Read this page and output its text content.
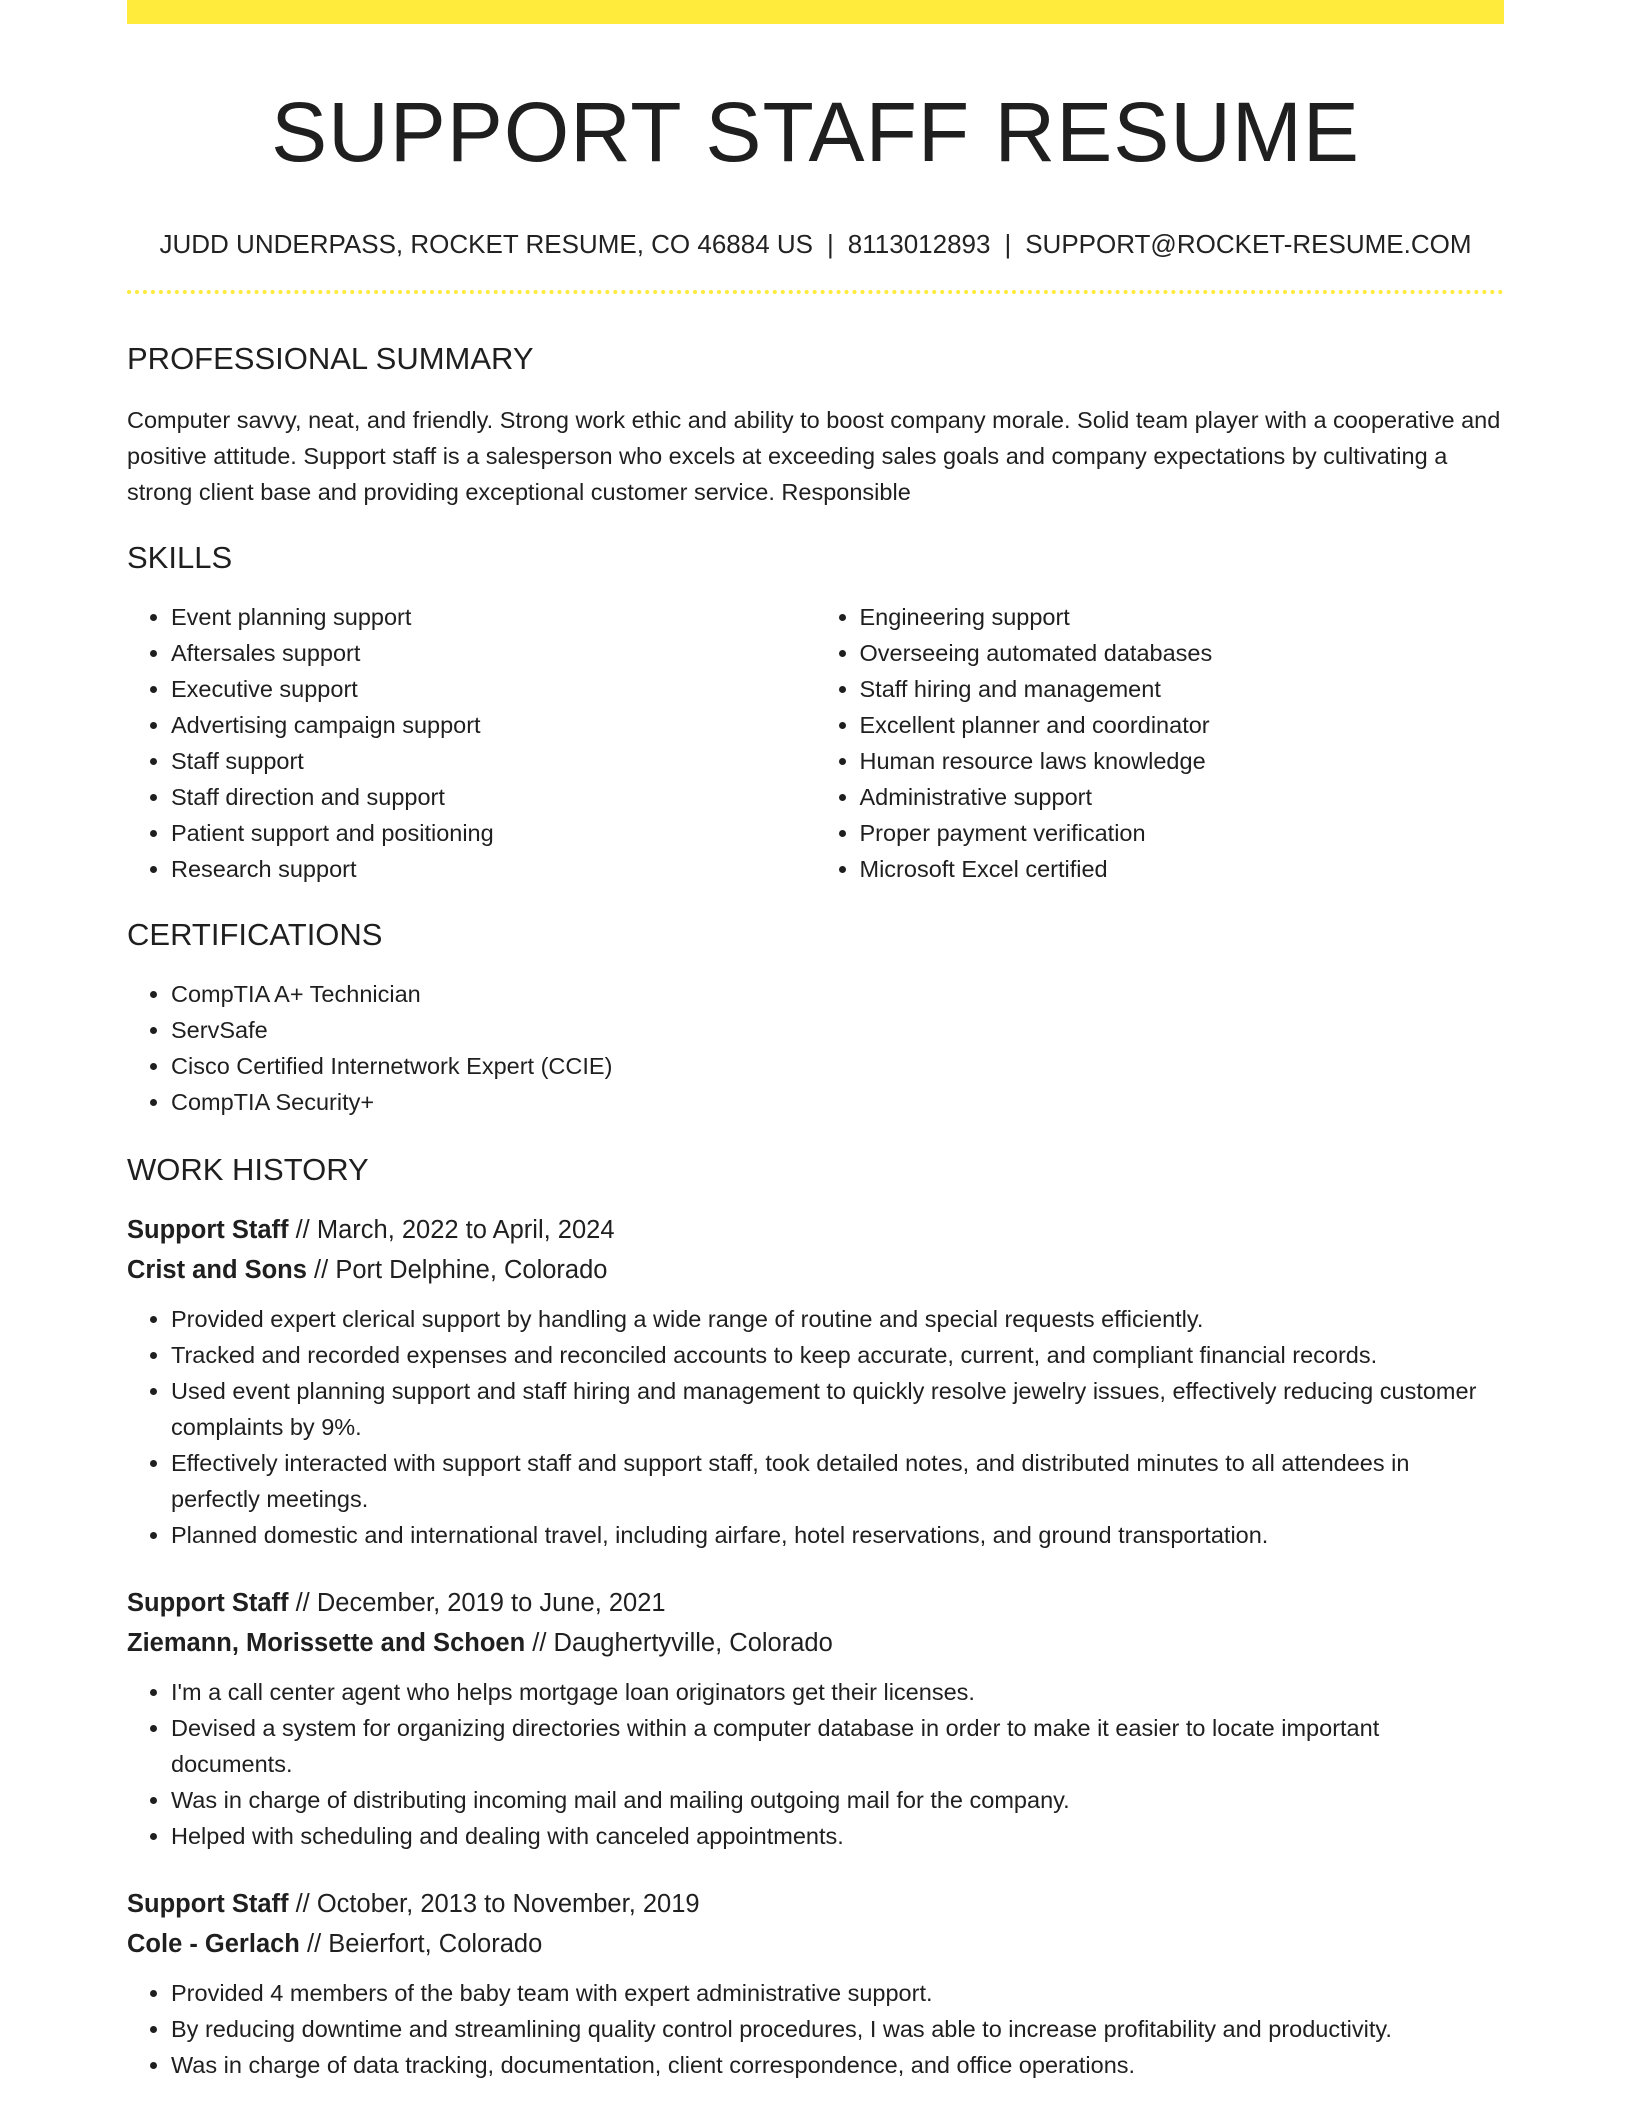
SUPPORT STAFF RESUME
JUDD UNDERPASS, ROCKET RESUME, CO 46884 US | 8113012893 | SUPPORT@ROCKET-RESUME.COM
PROFESSIONAL SUMMARY
Computer savvy, neat, and friendly. Strong work ethic and ability to boost company morale. Solid team player with a cooperative and positive attitude. Support staff is a salesperson who excels at exceeding sales goals and company expectations by cultivating a strong client base and providing exceptional customer service. Responsible
SKILLS
• Event planning support
• Aftersales support
• Executive support
• Advertising campaign support
• Staff support
• Staff direction and support
• Patient support and positioning
• Research support
• Engineering support
• Overseeing automated databases
• Staff hiring and management
• Excellent planner and coordinator
• Human resource laws knowledge
• Administrative support
• Proper payment verification
• Microsoft Excel certified
CERTIFICATIONS
• CompTIA A+ Technician
• ServSafe
• Cisco Certified Internetwork Expert (CCIE)
• CompTIA Security+
WORK HISTORY
Support Staff // March, 2022 to April, 2024
Crist and Sons // Port Delphine, Colorado
• Provided expert clerical support by handling a wide range of routine and special requests efficiently.
• Tracked and recorded expenses and reconciled accounts to keep accurate, current, and compliant financial records.
• Used event planning support and staff hiring and management to quickly resolve jewelry issues, effectively reducing customer complaints by 9%.
• Effectively interacted with support staff and support staff, took detailed notes, and distributed minutes to all attendees in perfectly meetings.
• Planned domestic and international travel, including airfare, hotel reservations, and ground transportation.
Support Staff // December, 2019 to June, 2021
Ziemann, Morissette and Schoen // Daughertyville, Colorado
• I'm a call center agent who helps mortgage loan originators get their licenses.
• Devised a system for organizing directories within a computer database in order to make it easier to locate important documents.
• Was in charge of distributing incoming mail and mailing outgoing mail for the company.
• Helped with scheduling and dealing with canceled appointments.
Support Staff // October, 2013 to November, 2019
Cole - Gerlach // Beierfort, Colorado
• Provided 4 members of the baby team with expert administrative support.
• By reducing downtime and streamlining quality control procedures, I was able to increase profitability and productivity.
• Was in charge of data tracking, documentation, client correspondence, and office operations.
